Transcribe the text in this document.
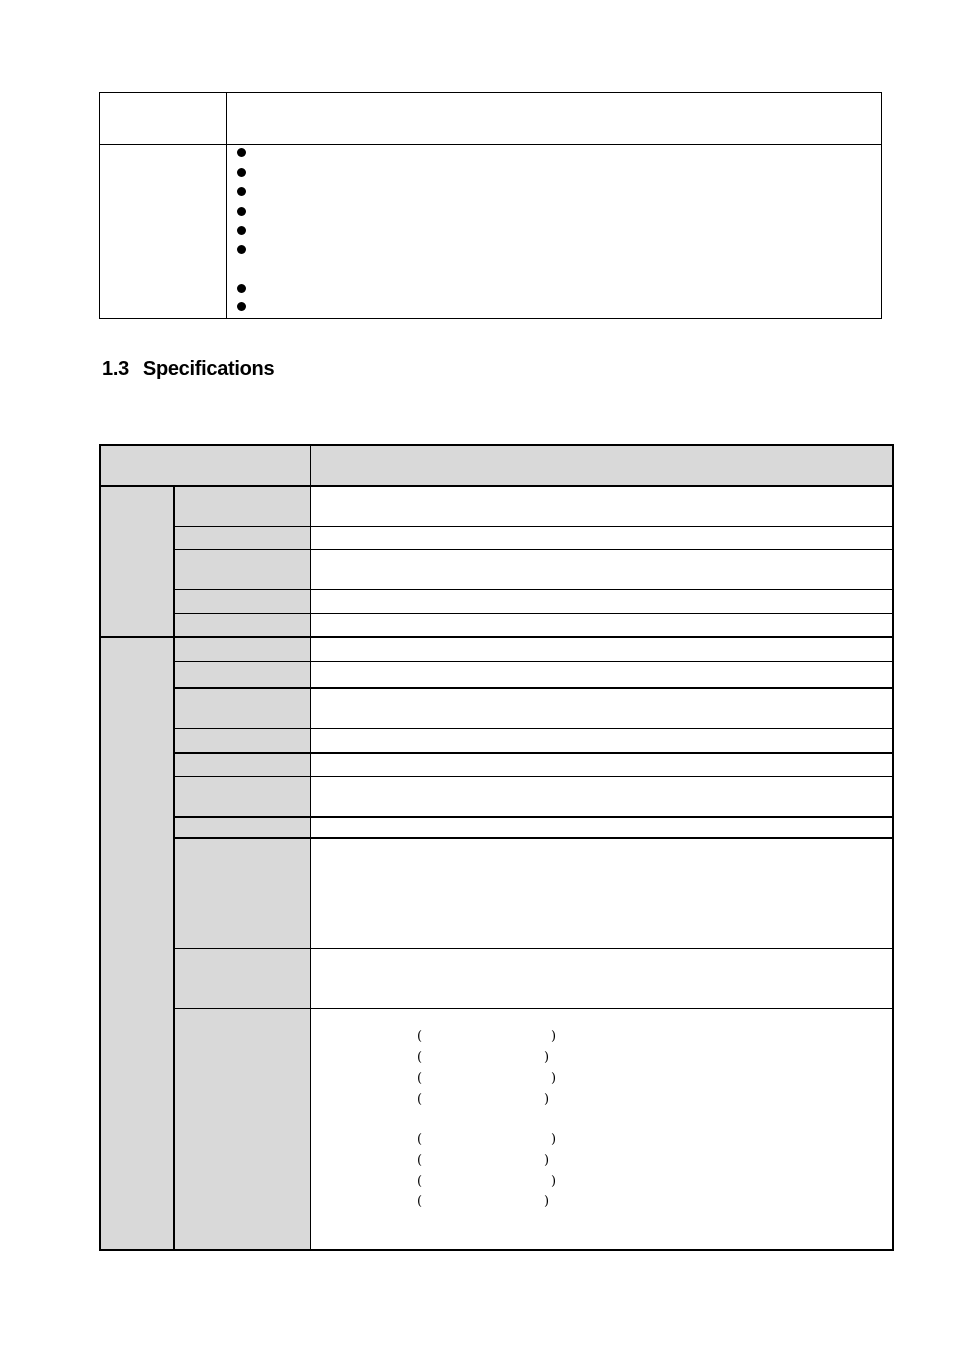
1.3 Specifications
(	)
(	)
(	)
(	)
(	)
(	)
(	)
(	)
